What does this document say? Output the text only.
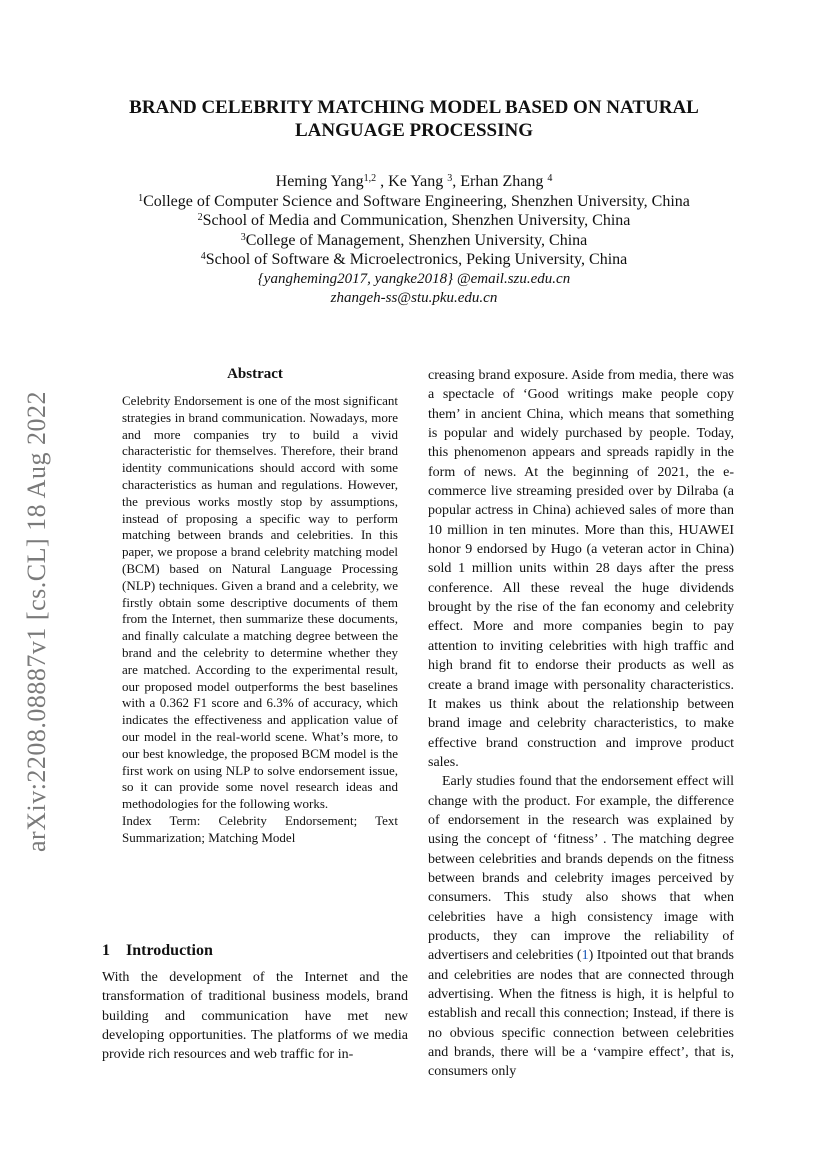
BRAND CELEBRITY MATCHING MODEL BASED ON NATURAL LANGUAGE PROCESSING
Heming Yang$^{1,2}$ , Ke Yang $^3$, Erhan Zhang $^4$
$^1$College of Computer Science and Software Engineering, Shenzhen University, China
$^2$School of Media and Communication, Shenzhen University, China
$^3$College of Management, Shenzhen University, China
$^4$School of Software & Microelectronics, Peking University, China
{yangheming2017, yangke2018} @email.szu.edu.cn
zhangeh-ss@stu.pku.edu.cn
arXiv:2208.08887v1 [cs.CL] 18 Aug 2022
Abstract

Celebrity Endorsement is one of the most significant strategies in brand communication. Nowadays, more and more companies try to build a vivid characteristic for themselves. Therefore, their brand identity communications should accord with some characteristics as human and regulations. However, the previous works mostly stop by assumptions, instead of proposing a specific way to perform matching between brands and celebrities. In this paper, we propose a brand celebrity matching model (BCM) based on Natural Language Processing (NLP) techniques. Given a brand and a celebrity, we firstly obtain some descriptive documents of them from the Internet, then summarize these documents, and finally calculate a matching degree between the brand and the celebrity to determine whether they are matched. According to the experimental result, our proposed model outperforms the best baselines with a 0.362 F1 score and 6.3% of accuracy, which indicates the effectiveness and application value of our model in the real-world scene. What’s more, to our best knowledge, the proposed BCM model is the first work on using NLP to solve endorsement issue, so it can provide some novel research ideas and methodologies for the following works.

Index Term: Celebrity Endorsement; Text Summarization; Matching Model

1 Introduction

With the development of the Internet and the transformation of traditional business models, brand building and communication have met new developing opportunities. The platforms of we media provide rich resources and web traffic for in-

creasing brand exposure. Aside from media, there was a spectacle of ‘Good writings make people copy them’ in ancient China, which means that something is popular and widely purchased by people. Today, this phenomenon appears and spreads rapidly in the form of news. At the beginning of 2021, the e-commerce live streaming presided over by Dilraba (a popular actress in China) achieved sales of more than 10 million in ten minutes. More than this, HUAWEI honor 9 endorsed by Hugo (a veteran actor in China) sold 1 million units within 28 days after the press conference. All these reveal the huge dividends brought by the rise of the fan economy and celebrity effect. More and more companies begin to pay attention to inviting celebrities with high traffic and high brand fit to endorse their products as well as create a brand image with personality characteristics. It makes us think about the relationship between brand image and celebrity characteristics, to make effective brand construction and improve product sales.

Early studies found that the endorsement effect will change with the product. For example, the difference of endorsement in the research was explained by using the concept of ‘fitness’ . The matching degree between celebrities and brands depends on the fitness between brands and celebrity images perceived by consumers. This study also shows that when celebrities have a high consistency image with products, they can improve the reliability of advertisers and celebrities (1) Itpointed out that brands and celebrities are nodes that are connected through advertising. When the fitness is high, it is helpful to establish and recall this connection; Instead, if there is no obvious specific connection between celebrities and brands, there will be a ‘vampire effect’, that is, consumers only
